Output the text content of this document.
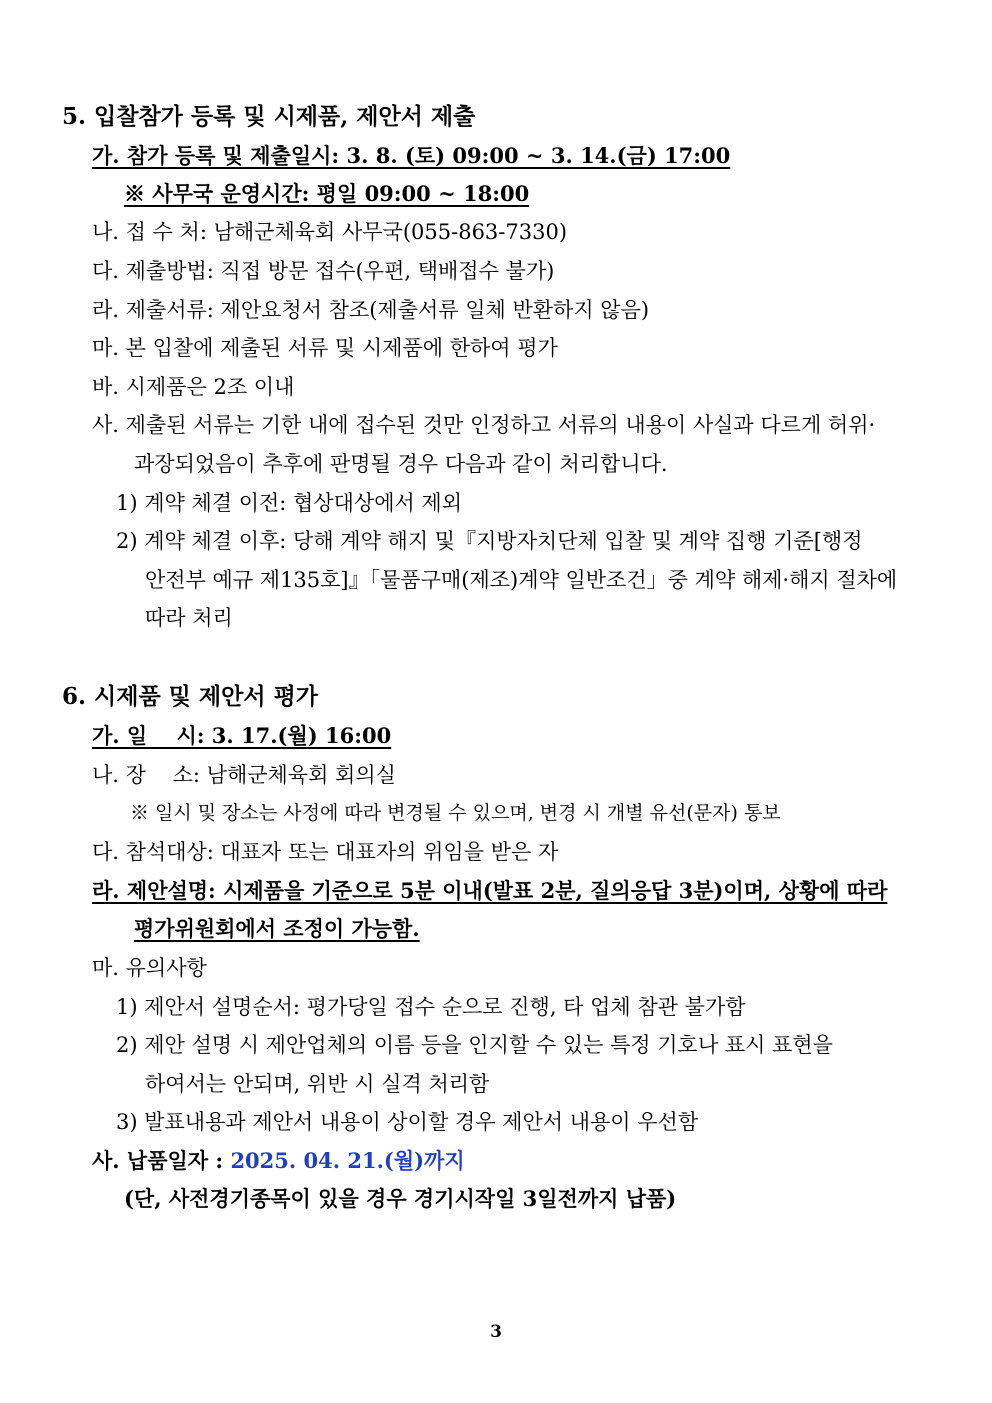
5. 입찰참가 등록 및 시제품, 제안서 제출
가. 참가 등록 및 제출일시: 3. 8. (토) 09:00 ~ 3. 14.(금) 17:00
※ 사무국 운영시간: 평일 09:00 ~ 18:00
나. 접 수 처: 남해군체육회 사무국(055-863-7330)
다. 제출방법: 직접 방문 접수(우편, 택배접수 불가)
라. 제출서류: 제안요청서 참조(제출서류 일체 반환하지 않음)
마. 본 입찰에 제출된 서류 및 시제품에 한하여 평가
바. 시제품은 2조 이내
사. 제출된 서류는 기한 내에 접수된 것만 인정하고 서류의 내용이 사실과 다르게 허위·
과장되었음이 추후에 판명될 경우 다음과 같이 처리합니다.
1) 계약 체결 이전: 협상대상에서 제외
2) 계약 체결 이후: 당해 계약 해지 및『지방자치단체 입찰 및 계약 집행 기준[행정
안전부 예규 제135호]』「물품구매(제조)계약 일반조건」중 계약 해제·해지 절차에
따라 처리
6. 시제품 및 제안서 평가
가. 일    시: 3. 17.(월) 16:00
나. 장    소: 남해군체육회 회의실
※ 일시 및 장소는 사정에 따라 변경될 수 있으며, 변경 시 개별 유선(문자) 통보
다. 참석대상: 대표자 또는 대표자의 위임을 받은 자
라. 제안설명: 시제품을 기준으로 5분 이내(발표 2분, 질의응답 3분)이며, 상황에 따라
평가위원회에서 조정이 가능함.
마. 유의사항
1) 제안서 설명순서: 평가당일 접수 순으로 진행, 타 업체 참관 불가함
2) 제안 설명 시 제안업체의 이름 등을 인지할 수 있는 특정 기호나 표시 표현을
하여서는 안되며, 위반 시 실격 처리함
3) 발표내용과 제안서 내용이 상이할 경우 제안서 내용이 우선함
사. 납품일자 : 2025. 04. 21.(월)까지
(단, 사전경기종목이 있을 경우 경기시작일 3일전까지 납품)
3
